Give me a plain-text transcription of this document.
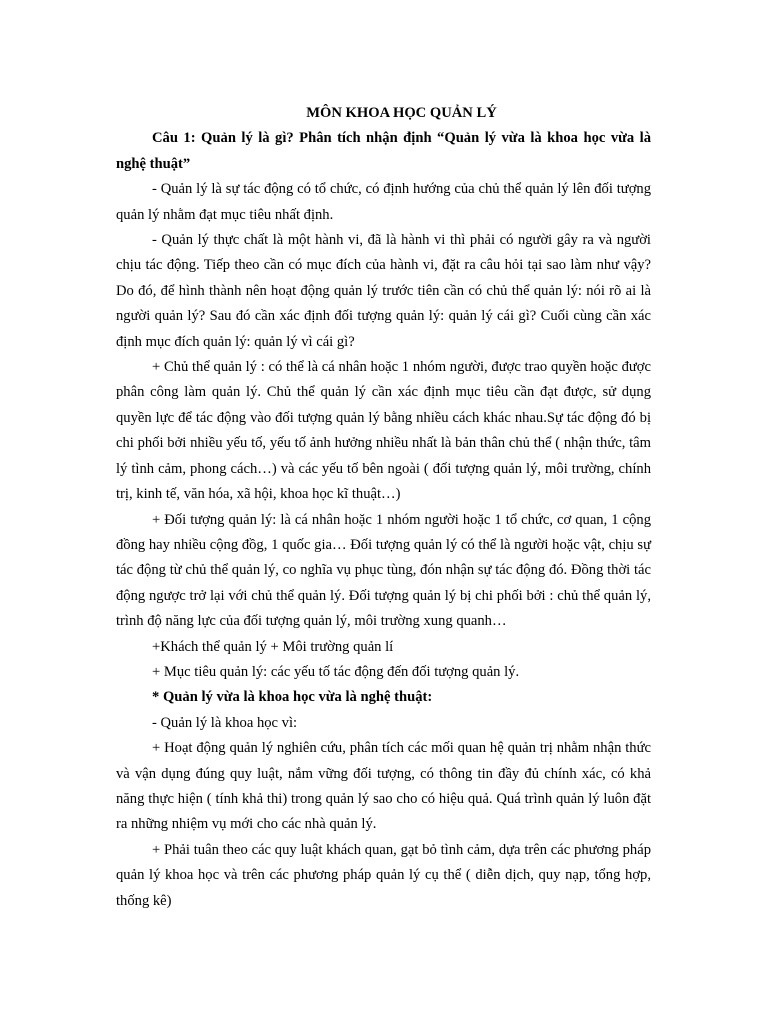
MÔN KHOA HỌC QUẢN LÝ

Câu 1: Quản lý là gì? Phân tích nhận định “Quản lý vừa là khoa học vừa là nghệ thuật”

- Quản lý là sự tác động có tổ chức, có định hướng của chủ thể quản lý lên đối tượng quản lý nhằm đạt mục tiêu nhất định.

- Quản lý thực chất là một hành vi, đã là hành vi thì phải có người gây ra và người chịu tác động. Tiếp theo cần có mục đích của hành vi, đặt ra câu hỏi tại sao làm như vậy? Do đó, để hình thành nên hoạt động quản lý trước tiên cần có chủ thể quản lý: nói rõ ai là người quản lý? Sau đó cần xác định đối tượng quản lý: quản lý cái gì? Cuối cùng cần xác định mục đích quản lý: quản lý vì cái gì?

+ Chủ thể quản lý : có thể là cá nhân hoặc 1 nhóm người, được trao quyền hoặc được phân công làm quản lý. Chủ thể quản lý cần xác định mục tiêu cần đạt được, sử dụng quyền lực để tác động vào đối tượng quản lý bằng nhiều cách khác nhau.Sự tác động đó bị chi phối bởi nhiều yếu tố, yếu tố ảnh hưởng nhiều nhất là bản thân chủ thể ( nhận thức, tâm lý tình cảm, phong cách…) và các yếu tố bên ngoài ( đối tượng quản lý, môi trường, chính trị, kinh tế, văn hóa, xã hội, khoa học kĩ thuật…)

+ Đối tượng quản lý: là cá nhân hoặc 1 nhóm người hoặc 1 tổ chức, cơ quan, 1 cộng đồng hay nhiều cộng đồg, 1 quốc gia… Đối tượng quản lý có thể là người hoặc vật, chịu sự tác động từ chủ thể quản lý, co nghĩa vụ phục tùng, đón nhận sự tác động đó. Đồng thời tác động ngược trở lại với chủ thể quản lý. Đối tượng quản lý bị chi phối bởi : chủ thể quản lý, trình độ năng lực của đối tượng quản lý, môi trường xung quanh…

+Khách thể quản lý + Môi trường quản lí

+ Mục tiêu quản lý: các yếu tố tác động đến đối tượng quản lý.

* Quản lý vừa là khoa học vừa là nghệ thuật:

- Quản lý là khoa học vì:

+ Hoạt động quản lý nghiên cứu, phân tích các mối quan hệ quản trị nhằm nhận thức và vận dụng đúng quy luật, nắm vững đối tượng, có thông tin đầy đủ chính xác, có khả năng thực hiện ( tính khả thi) trong quản lý sao cho có hiệu quả. Quá trình quản lý luôn đặt ra những nhiệm vụ mới cho các nhà quản lý.

+ Phải tuân theo các quy luật khách quan, gạt bỏ tình cảm, dựa trên các phương pháp quản lý khoa học và trên các phương pháp quản lý cụ thể ( diễn dịch, quy nạp, tổng hợp, thống kê)
